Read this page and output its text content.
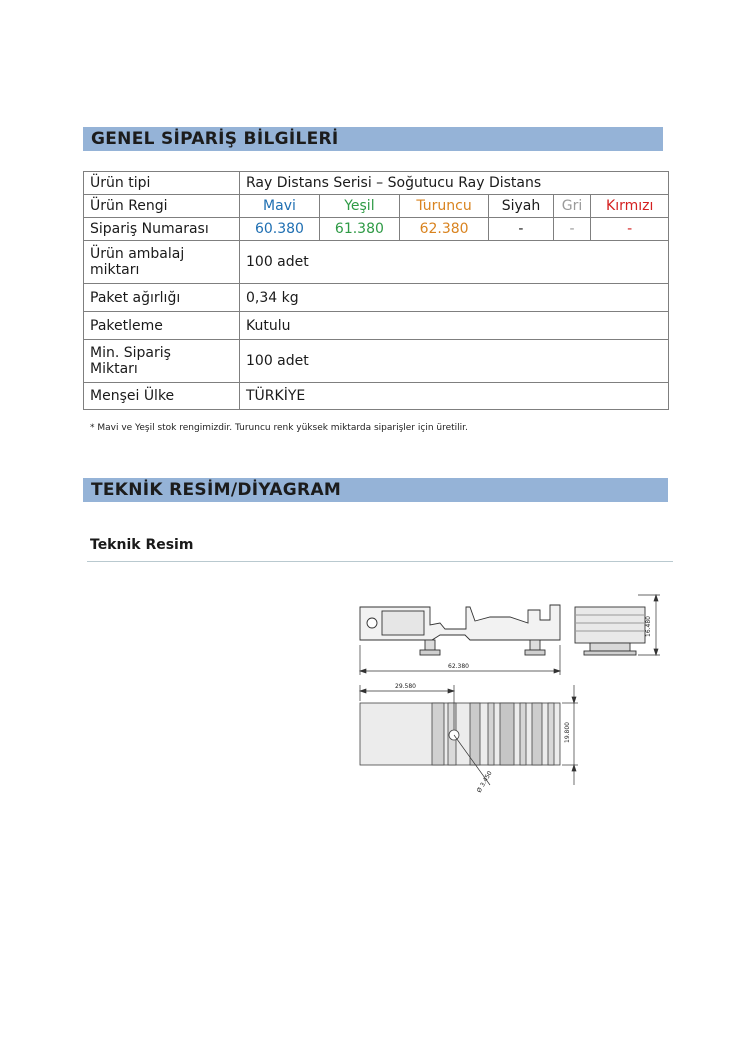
GENEL SİPARİŞ BİLGİLERİ
Ürün tipi	Ray Distans Serisi – Soğutucu Ray Distans					
Ürün Rengi	Mavi	Yeşil	Turuncu	Siyah	Gri	Kırmızı
Sipariş Numarası	60.380	61.380	62.380	-	-	-
Ürün ambalaj
miktarı	100 adet					
Paket ağırlığı	0,34 kg					
Paketleme	Kutulu					
Min. Sipariş
Miktarı	100 adet					
Menşei Ülke	TÜRKİYE					
* Mavi ve Yeşil stok rengimizdir. Turuncu renk yüksek miktarda siparişler için üretilir.
TEKNİK RESİM/DİYAGRAM
Teknik Resim
62.380
16.480
29.580
19.800
Ø 3.450
